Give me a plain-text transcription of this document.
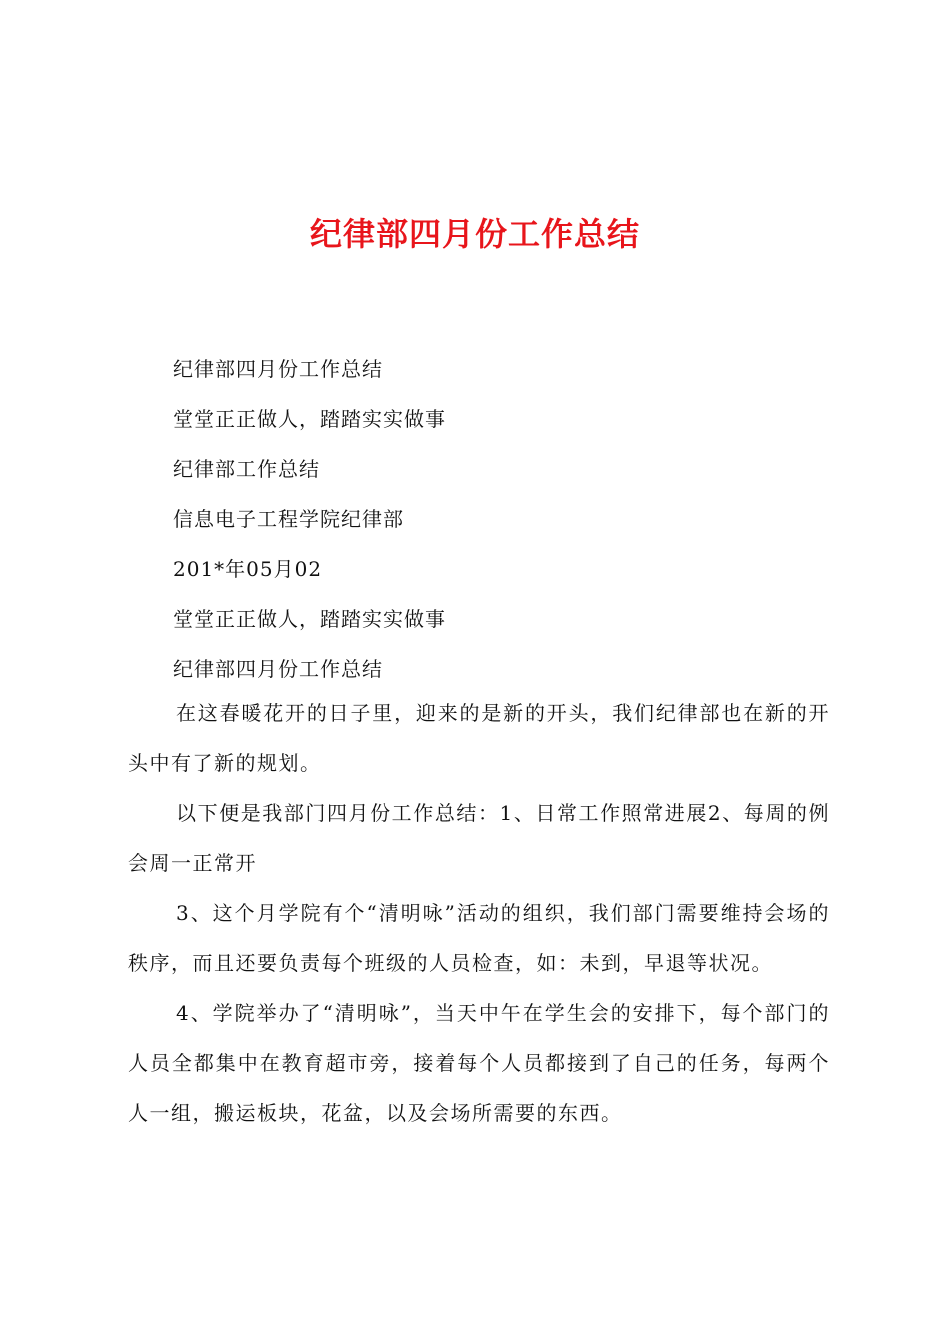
纪律部四月份工作总结

纪律部四月份工作总结

堂堂正正做人，踏踏实实做事

纪律部工作总结

信息电子工程学院纪律部

201*年05月02

堂堂正正做人，踏踏实实做事

纪律部四月份工作总结

在这春暖花开的日子里，迎来的是新的开头，我们纪律部也在新的开头中有了新的规划。

以下便是我部门四月份工作总结：1、日常工作照常进展2、每周的例会周一正常开

3、这个月学院有个“清明咏”活动的组织，我们部门需要维持会场的秩序，而且还要负责每个班级的人员检查，如：未到，早退等状况。

4、学院举办了“清明咏”，当天中午在学生会的安排下，每个部门的人员全都集中在教育超市旁，接着每个人员都接到了自己的任务，每两个人一组，搬运板块，花盆，以及会场所需要的东西。
